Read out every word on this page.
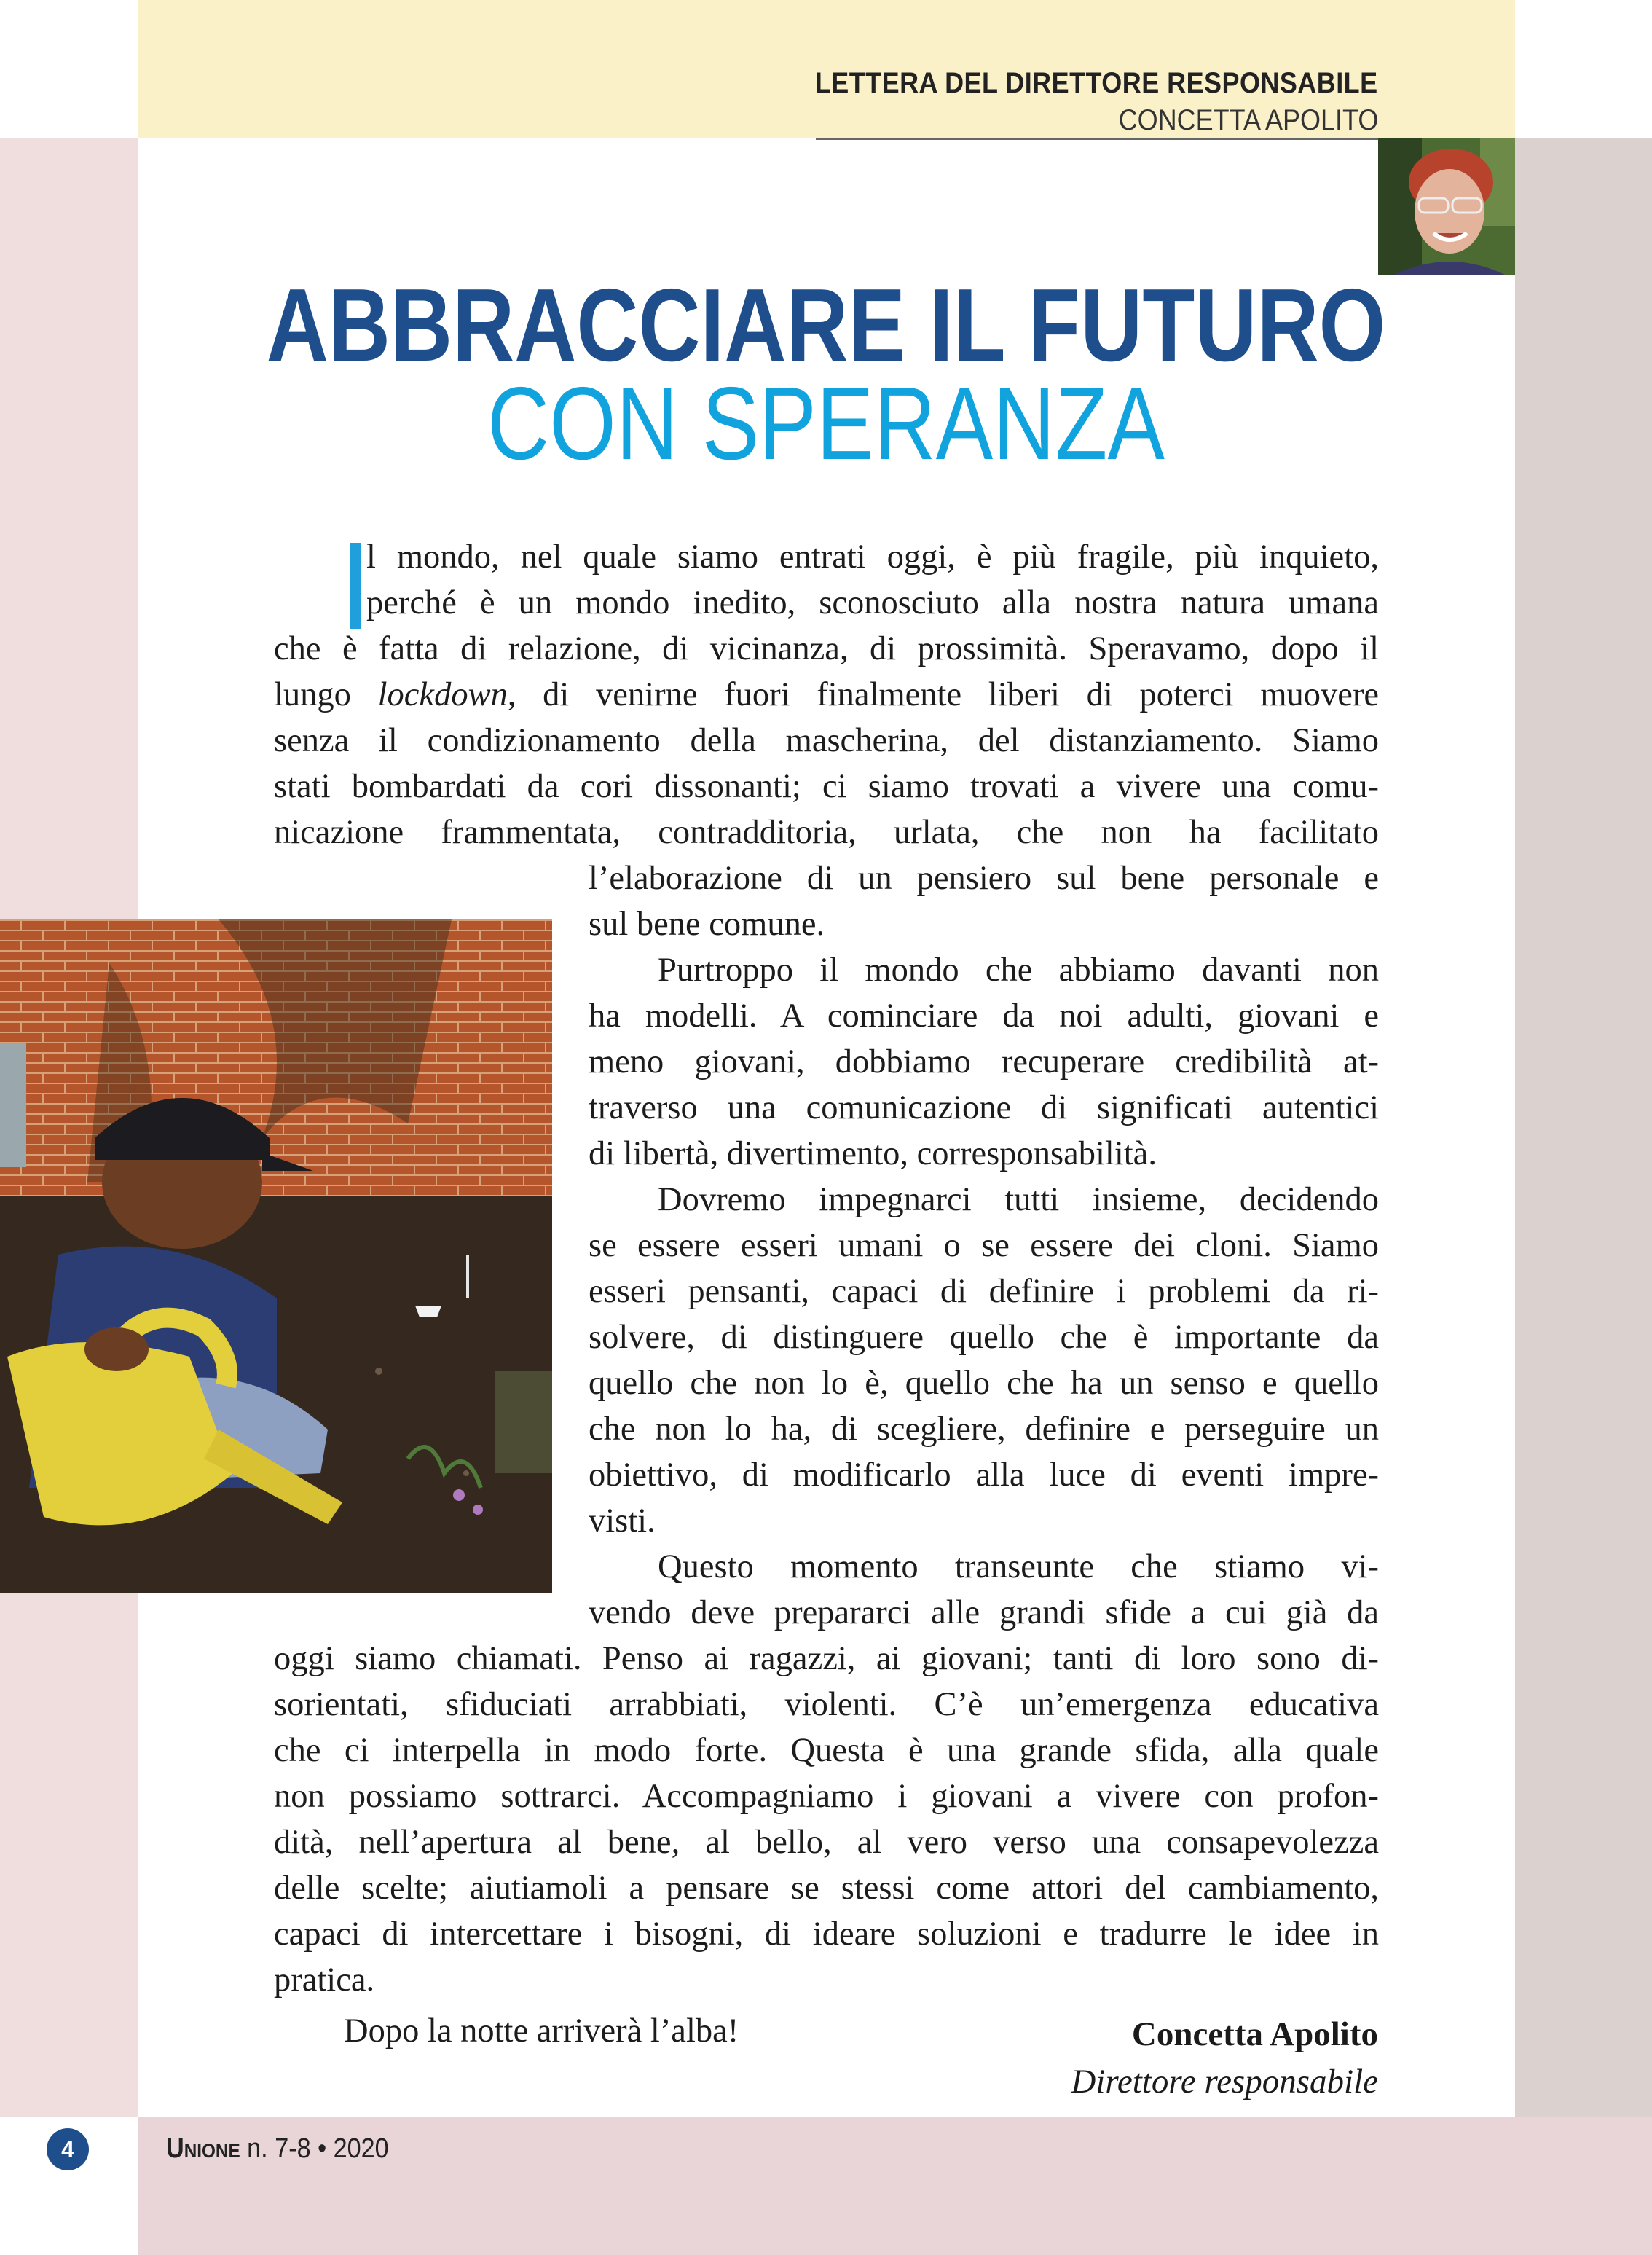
LETTERA DEL DIRETTORE RESPONSABILE
CONCETTA APOLITO
ABBRACCIARE IL FUTURO
CON SPERANZA
l mondo, nel quale siamo entrati oggi, è più fragile, più inquieto,
perché è un mondo inedito, sconosciuto alla nostra natura umana
che è fatta di relazione, di vicinanza, di prossimità. Speravamo, dopo il
lungo lockdown, di venirne fuori finalmente liberi di poterci muovere
senza il condizionamento della mascherina, del distanziamento. Siamo
stati bombardati da cori dissonanti; ci siamo trovati a vivere una comu-
nicazione frammentata, contradditoria, urlata, che non ha facilitato
l’elaborazione di un pensiero sul bene personale e
sul bene comune.
Purtroppo il mondo che abbiamo davanti non
ha modelli. A cominciare da noi adulti, giovani e
meno giovani, dobbiamo recuperare credibilità at-
traverso una comunicazione di significati autentici
di libertà, divertimento, corresponsabilità.
Dovremo impegnarci tutti insieme, decidendo
se essere esseri umani o se essere dei cloni. Siamo
esseri pensanti, capaci di definire i problemi da ri-
solvere, di distinguere quello che è importante da
quello che non lo è, quello che ha un senso e quello
che non lo ha, di scegliere, definire e perseguire un
obiettivo, di modificarlo alla luce di eventi impre-
visti.
Questo momento transeunte che stiamo vi-
vendo deve prepararci alle grandi sfide a cui già da
oggi siamo chiamati. Penso ai ragazzi, ai giovani; tanti di loro sono di-
sorientati, sfiduciati arrabbiati, violenti. C’è un’emergenza educativa
che ci interpella in modo forte. Questa è una grande sfida, alla quale
non possiamo sottrarci. Accompagniamo i giovani a vivere con profon-
dità, nell’apertura al bene, al bello, al vero verso una consapevolezza
delle scelte; aiutiamoli a pensare se stessi come attori del cambiamento,
capaci di intercettare i bisogni, di ideare soluzioni e tradurre le idee in
pratica.
Dopo la notte arriverà l’alba!	Concetta Apolito
Direttore responsabile
4	Unione n. 7-8 • 2020
